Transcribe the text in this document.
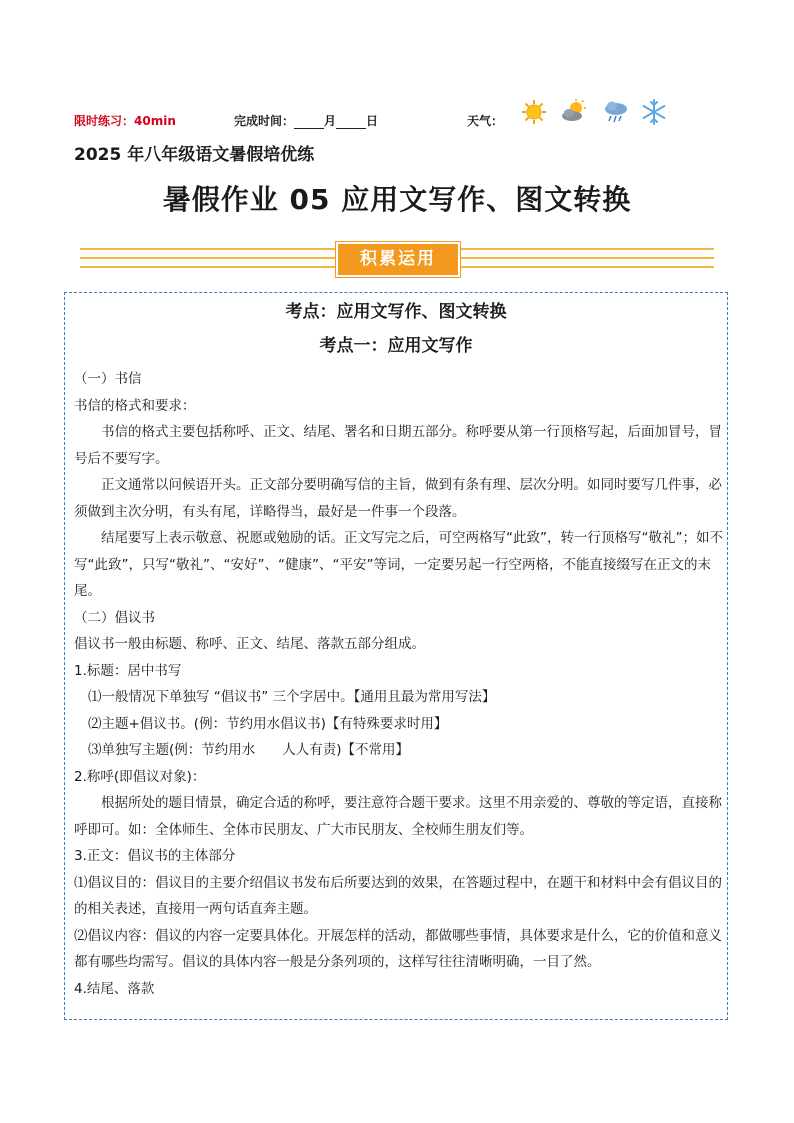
限时练习：40min	完成时间：	月	日	天气：
2025 年八年级语文暑假培优练
暑假作业 05 应用文写作、图文转换
积累运用
考点：应用文写作、图文转换
考点一：应用文写作

（一）书信

书信的格式和要求：

书信的格式主要包括称呼、正文、结尾、署名和日期五部分。称呼要从第一行顶格写起，后面加冒号，冒号后不要写字。

正文通常以问候语开头。正文部分要明确写信的主旨，做到有条有理、层次分明。如同时要写几件事，必须做到主次分明，有头有尾，详略得当，最好是一件事一个段落。

结尾要写上表示敬意、祝愿或勉励的话。正文写完之后，可空两格写“此致”，转一行顶格写“敬礼”；如不写“此致”，只写“敬礼”、“安好”、“健康”、“平安”等词，一定要另起一行空两格，不能直接缀写在正文的末尾。

（二）倡议书

倡议书一般由标题、称呼、正文、结尾、落款五部分组成。

1.标题：居中书写

⑴一般情况下单独写 “倡议书” 三个字居中。【通用且最为常用写法】

⑵主题+倡议书。(例：节约用水倡议书)【有特殊要求时用】

⑶单独写主题(例：节约用水　　人人有责)【不常用】

2.称呼(即倡议对象)：

根据所处的题目情景，确定合适的称呼，要注意符合题干要求。这里不用亲爱的、尊敬的等定语，直接称呼即可。如：全体师生、全体市民朋友、广大市民朋友、全校师生朋友们等。

3.正文：倡议书的主体部分

⑴倡议目的：倡议目的主要介绍倡议书发布后所要达到的效果，在答题过程中，在题干和材料中会有倡议目的的相关表述，直接用一两句话直奔主题。

⑵倡议内容：倡议的内容一定要具体化。开展怎样的活动，都做哪些事情，具体要求是什么，它的价值和意义都有哪些均需写。倡议的具体内容一般是分条列项的，这样写往往清晰明确，一目了然。

4.结尾、落款
